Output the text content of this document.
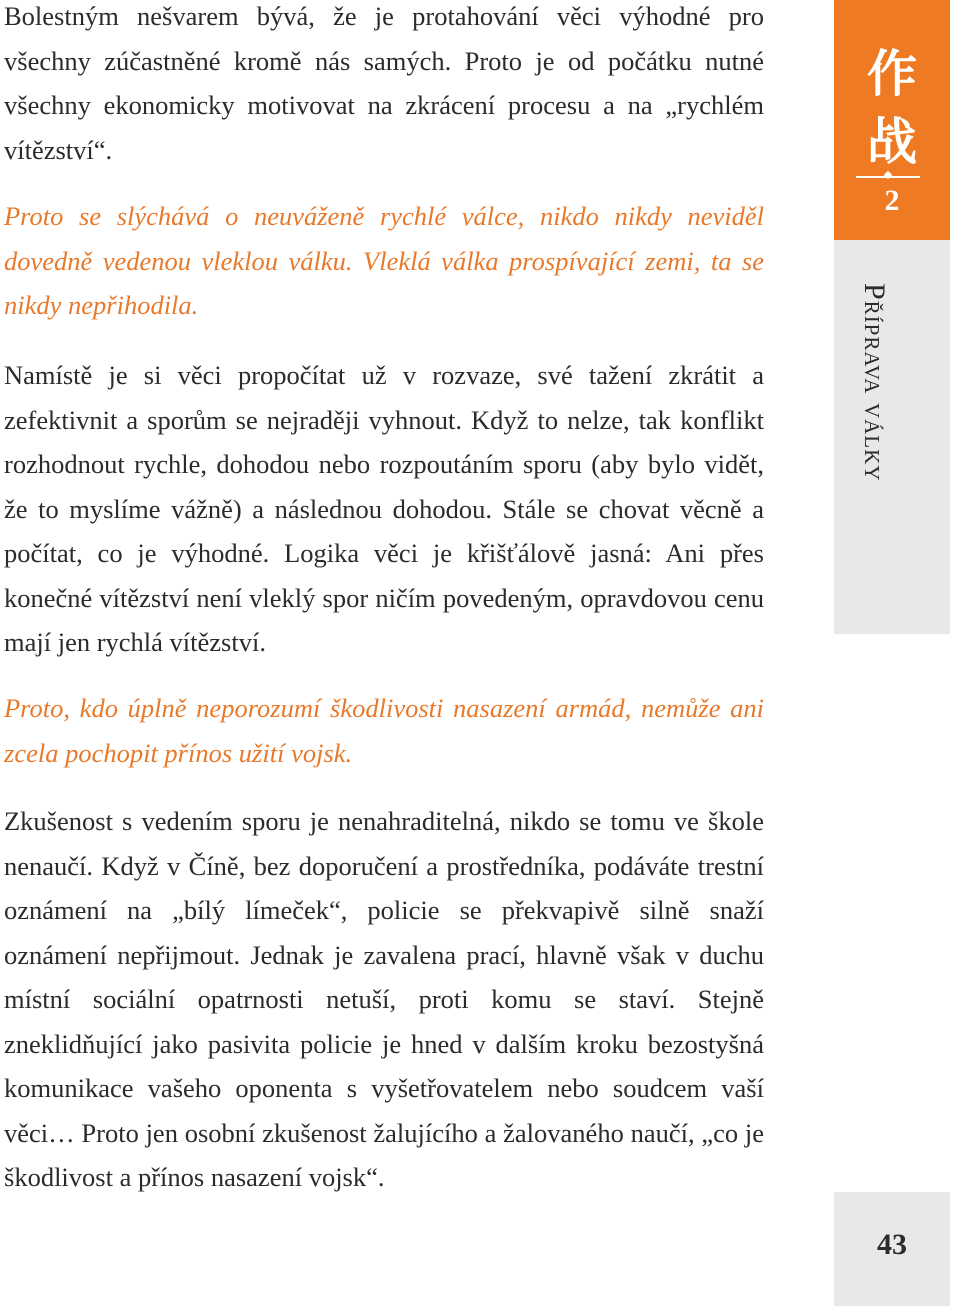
Bolestným nešvarem bývá, že je protahování věci výhodné pro všechny zúčastněné kromě nás samých. Proto je od počátku nutné všechny ekonomicky motivovat na zkrácení procesu a na „rychlém vítězství“.

Proto se slýchává o neuváženě rychlé válce, nikdo nikdy neviděl dovedně vedenou vleklou válku. Vleklá válka prospívající zemi, ta se nikdy nepřihodila.

Namístě je si věci propočítat už v rozvaze, své tažení zkrátit a zefektivnit a sporům se nejraději vyhnout. Když to nelze, tak konflikt rozhodnout rychle, dohodou nebo rozpoutáním sporu (aby bylo vidět, že to myslíme vážně) a následnou dohodou. Stále se chovat věcně a počítat, co je výhodné. Logika věci je křišťálově jasná: Ani přes konečné vítězství není vleklý spor ničím povedeným, opravdovou cenu mají jen rychlá vítězství.

Proto, kdo úplně neporozumí škodlivosti nasazení armád, nemůže ani zcela pochopit přínos užití vojsk.

Zkušenost s vedením sporu je nenahraditelná, nikdo se tomu ve škole nenaučí. Když v Číně, bez doporučení a prostředníka, podáváte trestní oznámení na „bílý límeček“, policie se překvapivě silně snaží oznámení nepřijmout. Jednak je zavalena prací, hlavně však v duchu místní sociální opatrnosti netuší, proti komu se staví. Stejně zneklidňující jako pasivita policie je hned v dalším kroku bezostyšná komunikace vašeho oponenta s vyšetřovatelem nebo soudcem vaší věci… Proto jen osobní zkušenost žalujícího a žalovaného naučí, „co je škodlivost a přínos nasazení vojsk“.

作
战
2
Příprava války
43
